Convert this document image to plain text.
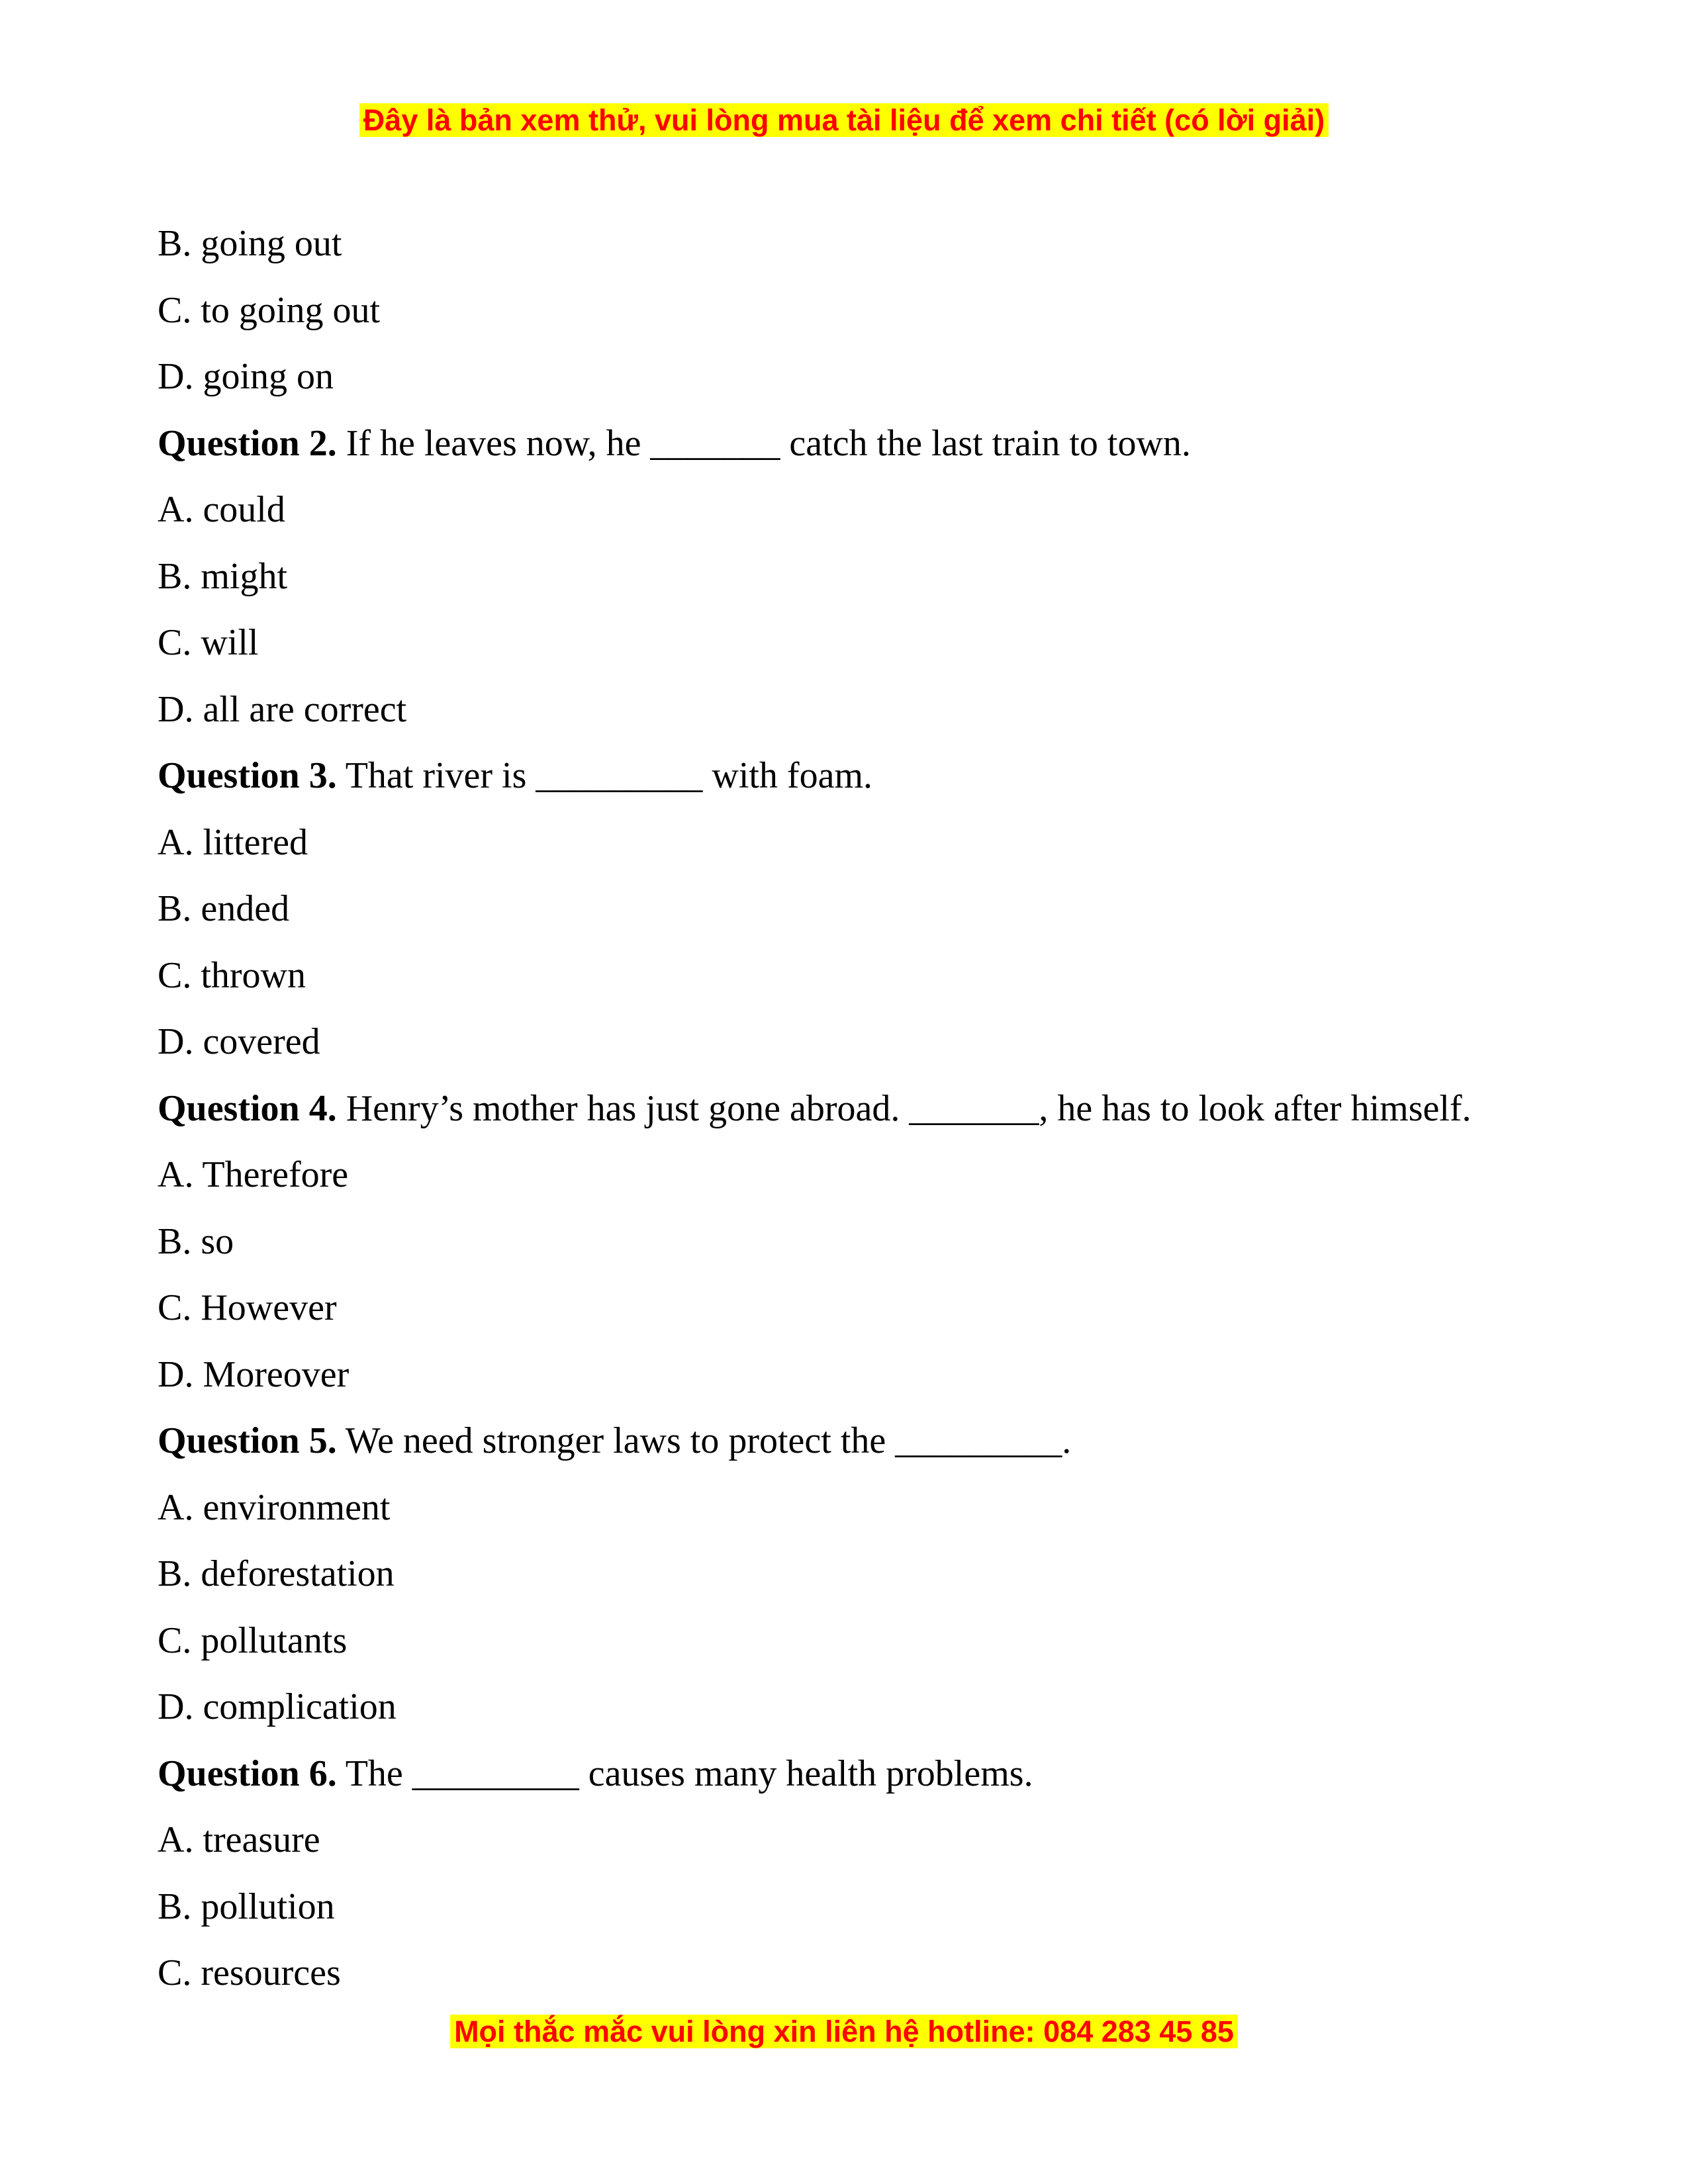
Đây là bản xem thử, vui lòng mua tài liệu để xem chi tiết (có lời giải)
B. going out
C. to going out
D. going on
Question 2. If he leaves now, he _______ catch the last train to town.
A. could
B. might
C. will
D. all are correct
Question 3. That river is _________ with foam.
A. littered
B. ended
C. thrown
D. covered
Question 4. Henry’s mother has just gone abroad. _______, he has to look after himself.
A. Therefore
B. so
C. However
D. Moreover
Question 5. We need stronger laws to protect the _________.
A. environment
B. deforestation
C. pollutants
D. complication
Question 6. The _________ causes many health problems.
A. treasure
B. pollution
C. resources
Mọi thắc mắc vui lòng xin liên hệ hotline: 084 283 45 85
